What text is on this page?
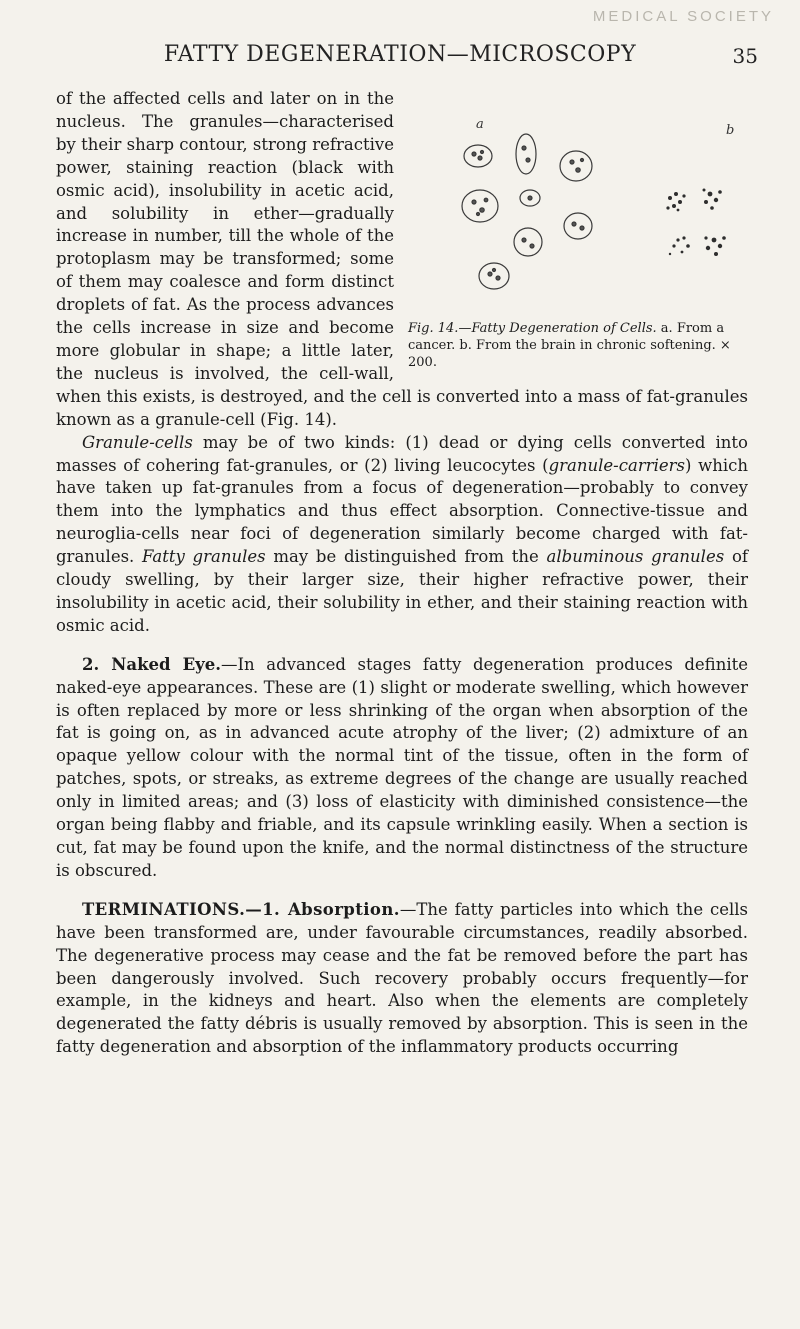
MEDICAL SOCIETY
FATTY DEGENERATION—MICROSCOPY	35
a	b
Fig. 14.—Fatty Degeneration of Cells. a. From a cancer. b. From the brain in chronic softening. × 200.

of the affected cells and later on in the nucleus. The granules—characterised by their sharp contour, strong refractive power, staining reaction (black with osmic acid), insolubility in acetic acid, and solubility in ether—gradually increase in number, till the whole of the protoplasm may be transformed; some of them may coalesce and form distinct droplets of fat. As the process advances the cells increase in size and become more globular in shape; a little later, the nucleus is involved, the cell-wall, when this exists, is destroyed, and the cell is converted into a mass of fat-granules known as a granule-cell (Fig. 14).

Granule-cells may be of two kinds: (1) dead or dying cells converted into masses of cohering fat-granules, or (2) living leucocytes (granule-carriers) which have taken up fat-granules from a focus of degeneration—probably to convey them into the lymphatics and thus effect absorption. Connective-tissue and neuroglia-cells near foci of degeneration similarly become charged with fat-granules. Fatty granules may be distinguished from the albuminous granules of cloudy swelling, by their larger size, their higher refractive power, their insolubility in acetic acid, their solubility in ether, and their staining reaction with osmic acid.

2. Naked Eye.—In advanced stages fatty degeneration produces definite naked-eye appearances. These are (1) slight or moderate swelling, which however is often replaced by more or less shrinking of the organ when absorption of the fat is going on, as in advanced acute atrophy of the liver; (2) admixture of an opaque yellow colour with the normal tint of the tissue, often in the form of patches, spots, or streaks, as extreme degrees of the change are usually reached only in limited areas; and (3) loss of elasticity with diminished consistence—the organ being flabby and friable, and its capsule wrinkling easily. When a section is cut, fat may be found upon the knife, and the normal distinctness of the structure is obscured.

TERMINATIONS.—1. Absorption.—The fatty particles into which the cells have been transformed are, under favourable circumstances, readily absorbed. The degenerative process may cease and the fat be removed before the part has been dangerously involved. Such recovery probably occurs frequently—for example, in the kidneys and heart. Also when the elements are completely degenerated the fatty débris is usually removed by absorption. This is seen in the fatty degeneration and absorption of the inflammatory products occurring
